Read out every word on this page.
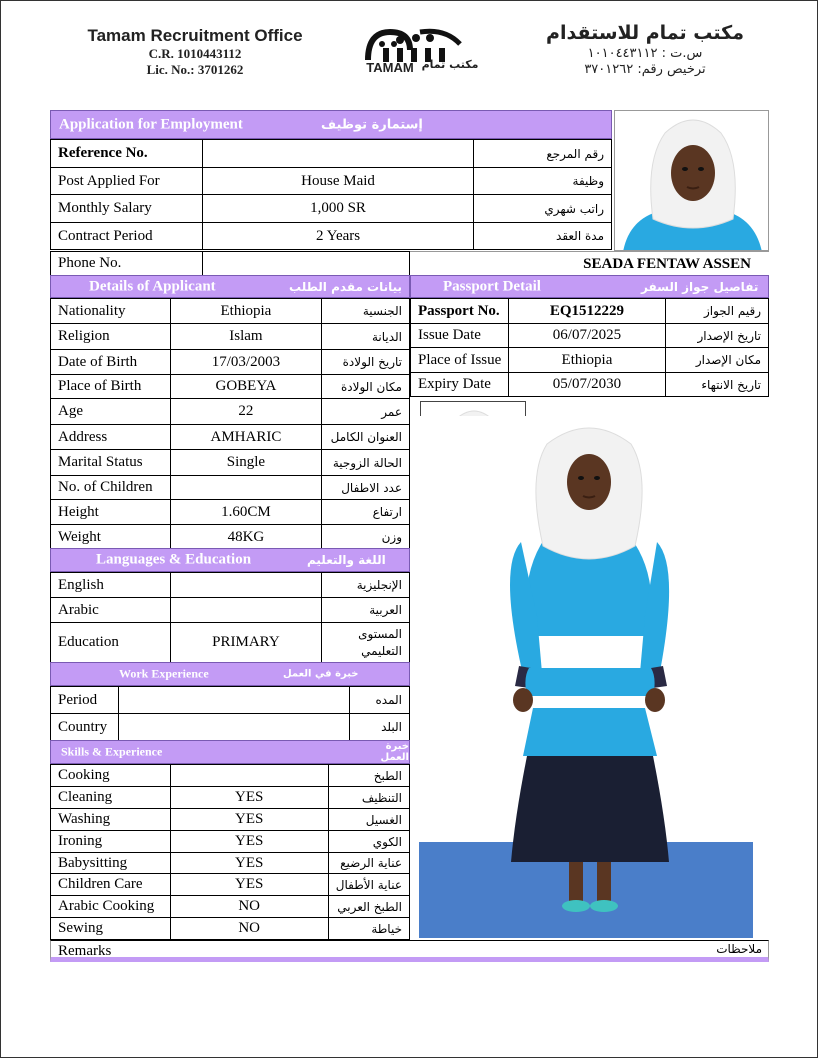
Tamam Recruitment Office
C.R. 1010443112
Lic. No.: 3701262	TAMAM مكتب تمام
مكتب تمام للاستقدام
س.ت : ١٠١٠٤٤٣١١٢
ترخيص رقم: ٣٧٠١٢٦٢
Application for Employment	إستمارة توظيف
Reference No.		رقم المرجع
Post Applied For	House Maid	وظيفة
Monthly Salary	1,000 SR	راتب شهري
Contract Period	2 Years	مدة العقد
Phone No.		SEADA FENTAW ASSEN
Details of Applicant	بيانات مقدم الطلب
Nationality	Ethiopia	الجنسية
Religion	Islam	الديانة
Date of Birth	17/03/2003	تاريخ الولادة
Place of Birth	GOBEYA	مكان الولادة
Age	22	عمر
Address	AMHARIC	العنوان الكامل
Marital Status	Single	الحالة الزوجية
No. of Children		عدد الاطفال
Height	1.60CM	ارتفاع
Weight	48KG	وزن
Passport Detail	تفاصيل جواز السفر
Passport No.	EQ1512229	رقيم الجواز
Issue Date	06/07/2025	تاريخ الإصدار
Place of Issue	Ethiopia	مكان الإصدار
Expiry Date	05/07/2030	تاريخ الانتهاء
Languages & Education	اللغة والتعليم
English		الإنجليزية
Arabic		العربية
Education	PRIMARY	المستوى التعليمي
Work Experience	خبرة في العمل
Period		المده
Country		البلد
Skills & Experience	خبرة العمل
Cooking		الطبخ
Cleaning	YES	التنظيف
Washing	YES	الغسيل
Ironing	YES	الكوي
Babysitting	YES	عناية الرضيع
Children Care	YES	عناية الأطفال
Arabic Cooking	NO	الطبخ العربي
Sewing	NO	خياطة
Remarks	ملاحظات
